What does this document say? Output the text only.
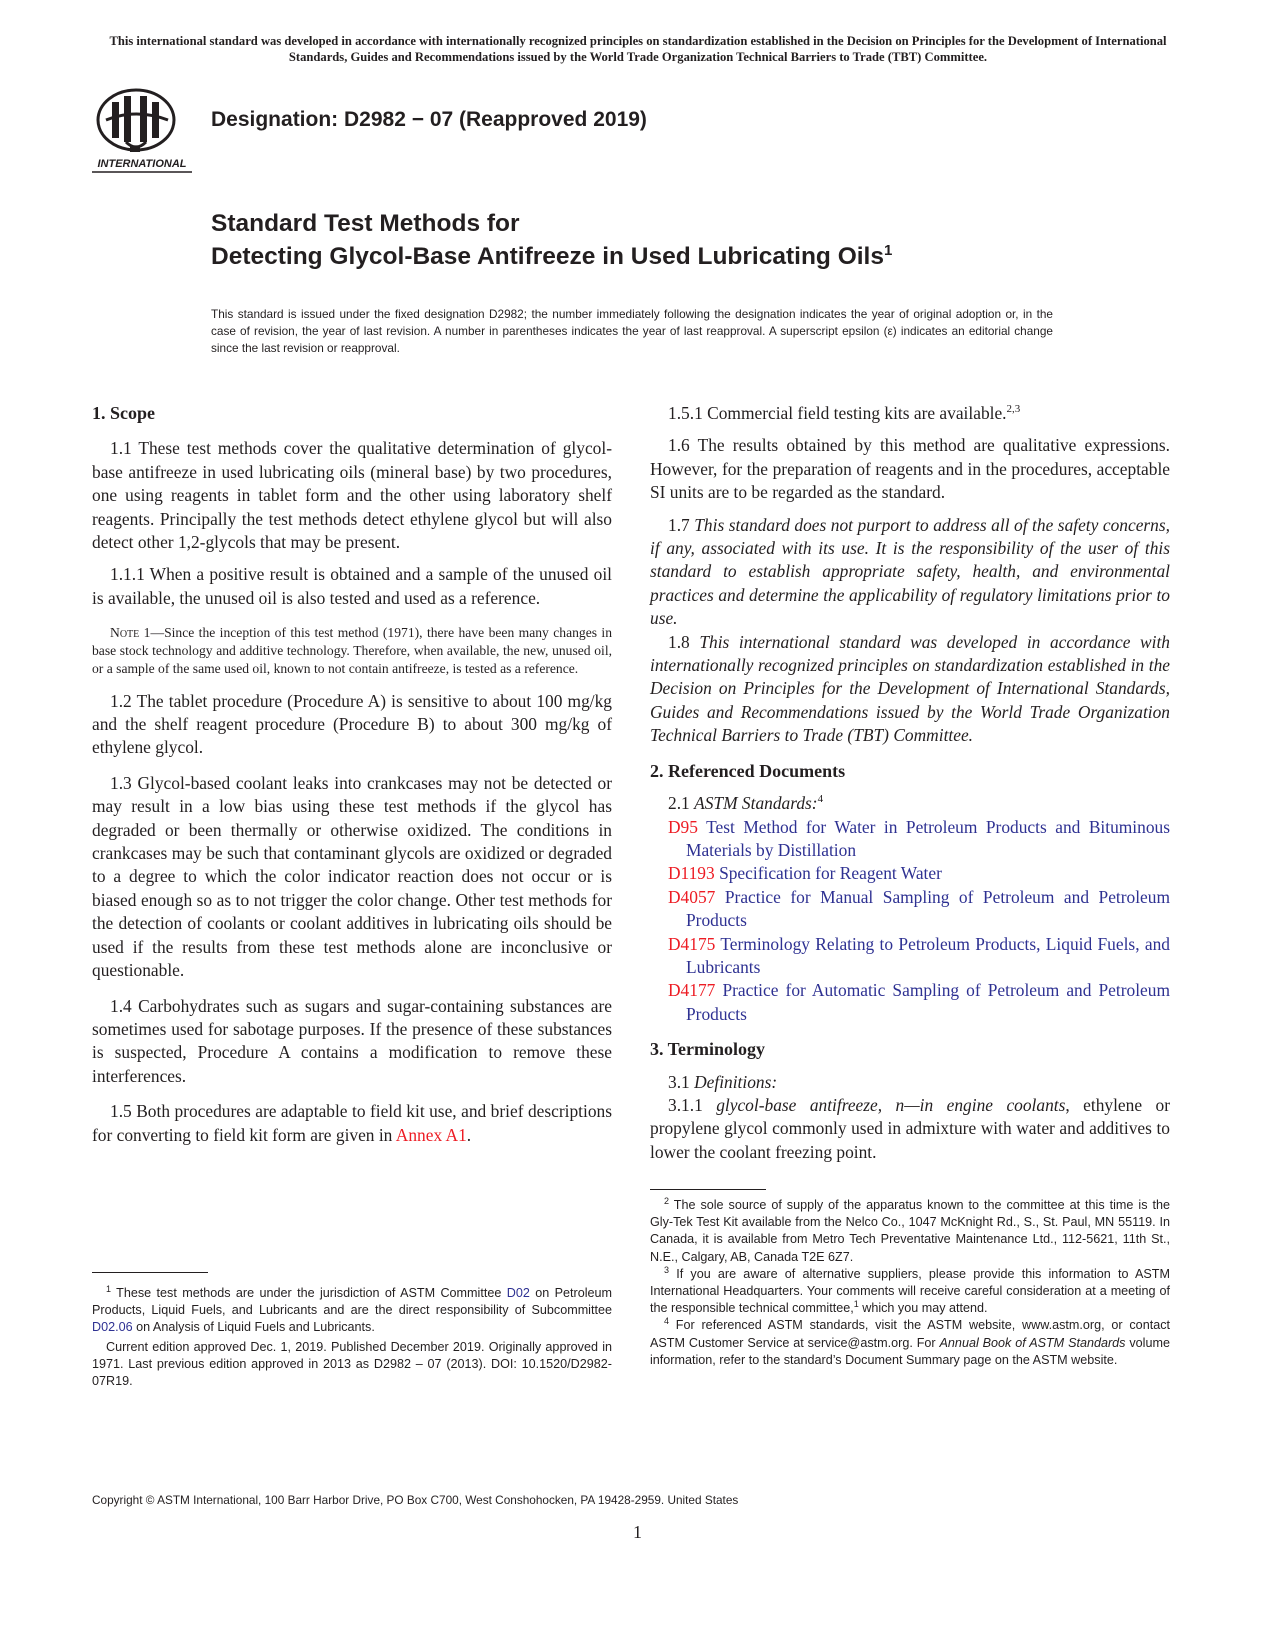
This international standard was developed in accordance with internationally recognized principles on standardization established in the Decision on Principles for the Development of International Standards, Guides and Recommendations issued by the World Trade Organization Technical Barriers to Trade (TBT) Committee.
INTERNATIONAL
Designation: D2982 − 07 (Reapproved 2019)
Standard Test Methods for
Detecting Glycol-Base Antifreeze in Used Lubricating Oils$^1$
This standard is issued under the fixed designation D2982; the number immediately following the designation indicates the year of original adoption or, in the case of revision, the year of last revision. A number in parentheses indicates the year of last reapproval. A superscript epsilon (ε) indicates an editorial change since the last revision or reapproval.
1. Scope

1.1 These test methods cover the qualitative determination of glycol-base antifreeze in used lubricating oils (mineral base) by two procedures, one using reagents in tablet form and the other using laboratory shelf reagents. Principally the test methods detect ethylene glycol but will also detect other 1,2-glycols that may be present.

1.1.1 When a positive result is obtained and a sample of the unused oil is available, the unused oil is also tested and used as a reference.

Note 1—Since the inception of this test method (1971), there have been many changes in base stock technology and additive technology. Therefore, when available, the new, unused oil, or a sample of the same used oil, known to not contain antifreeze, is tested as a reference.

1.2 The tablet procedure (Procedure A) is sensitive to about 100 mg/kg and the shelf reagent procedure (Procedure B) to about 300 mg/kg of ethylene glycol.

1.3 Glycol-based coolant leaks into crankcases may not be detected or may result in a low bias using these test methods if the glycol has degraded or been thermally or otherwise oxidized. The conditions in crankcases may be such that contaminant glycols are oxidized or degraded to a degree to which the color indicator reaction does not occur or is biased enough so as to not trigger the color change. Other test methods for the detection of coolants or coolant additives in lubricating oils should be used if the results from these test methods alone are inconclusive or questionable.

1.4 Carbohydrates such as sugars and sugar-containing substances are sometimes used for sabotage purposes. If the presence of these substances is suspected, Procedure A contains a modification to remove these interferences.

1.5 Both procedures are adaptable to field kit use, and brief descriptions for converting to field kit form are given in Annex A1.

1.5.1 Commercial field testing kits are available.$^{2,3}$

1.6 The results obtained by this method are qualitative expressions. However, for the preparation of reagents and in the procedures, acceptable SI units are to be regarded as the standard.

1.7 This standard does not purport to address all of the safety concerns, if any, associated with its use. It is the responsibility of the user of this standard to establish appropriate safety, health, and environmental practices and determine the applicability of regulatory limitations prior to use.

1.8 This international standard was developed in accordance with internationally recognized principles on standardization established in the Decision on Principles for the Development of International Standards, Guides and Recommendations issued by the World Trade Organization Technical Barriers to Trade (TBT) Committee.

2. Referenced Documents

2.1 ASTM Standards:$^4$

D95 Test Method for Water in Petroleum Products and Bituminous Materials by Distillation

D1193 Specification for Reagent Water

D4057 Practice for Manual Sampling of Petroleum and Petroleum Products

D4175 Terminology Relating to Petroleum Products, Liquid Fuels, and Lubricants

D4177 Practice for Automatic Sampling of Petroleum and Petroleum Products

3. Terminology

3.1 Definitions:

3.1.1 glycol-base antifreeze, n—in engine coolants, ethylene or propylene glycol commonly used in admixture with water and additives to lower the coolant freezing point.

$^1$ These test methods are under the jurisdiction of ASTM Committee D02 on Petroleum Products, Liquid Fuels, and Lubricants and are the direct responsibility of Subcommittee D02.06 on Analysis of Liquid Fuels and Lubricants.

Current edition approved Dec. 1, 2019. Published December 2019. Originally approved in 1971. Last previous edition approved in 2013 as D2982 – 07 (2013). DOI: 10.1520/D2982-07R19.

$^2$ The sole source of supply of the apparatus known to the committee at this time is the Gly-Tek Test Kit available from the Nelco Co., 1047 McKnight Rd., S., St. Paul, MN 55119. In Canada, it is available from Metro Tech Preventative Maintenance Ltd., 112-5621, 11th St., N.E., Calgary, AB, Canada T2E 6Z7.

$^3$ If you are aware of alternative suppliers, please provide this information to ASTM International Headquarters. Your comments will receive careful consideration at a meeting of the responsible technical committee,$^1$ which you may attend.

$^4$ For referenced ASTM standards, visit the ASTM website, www.astm.org, or contact ASTM Customer Service at service@astm.org. For Annual Book of ASTM Standards volume information, refer to the standard’s Document Summary page on the ASTM website.

Copyright © ASTM International, 100 Barr Harbor Drive, PO Box C700, West Conshohocken, PA 19428-2959. United States
1
